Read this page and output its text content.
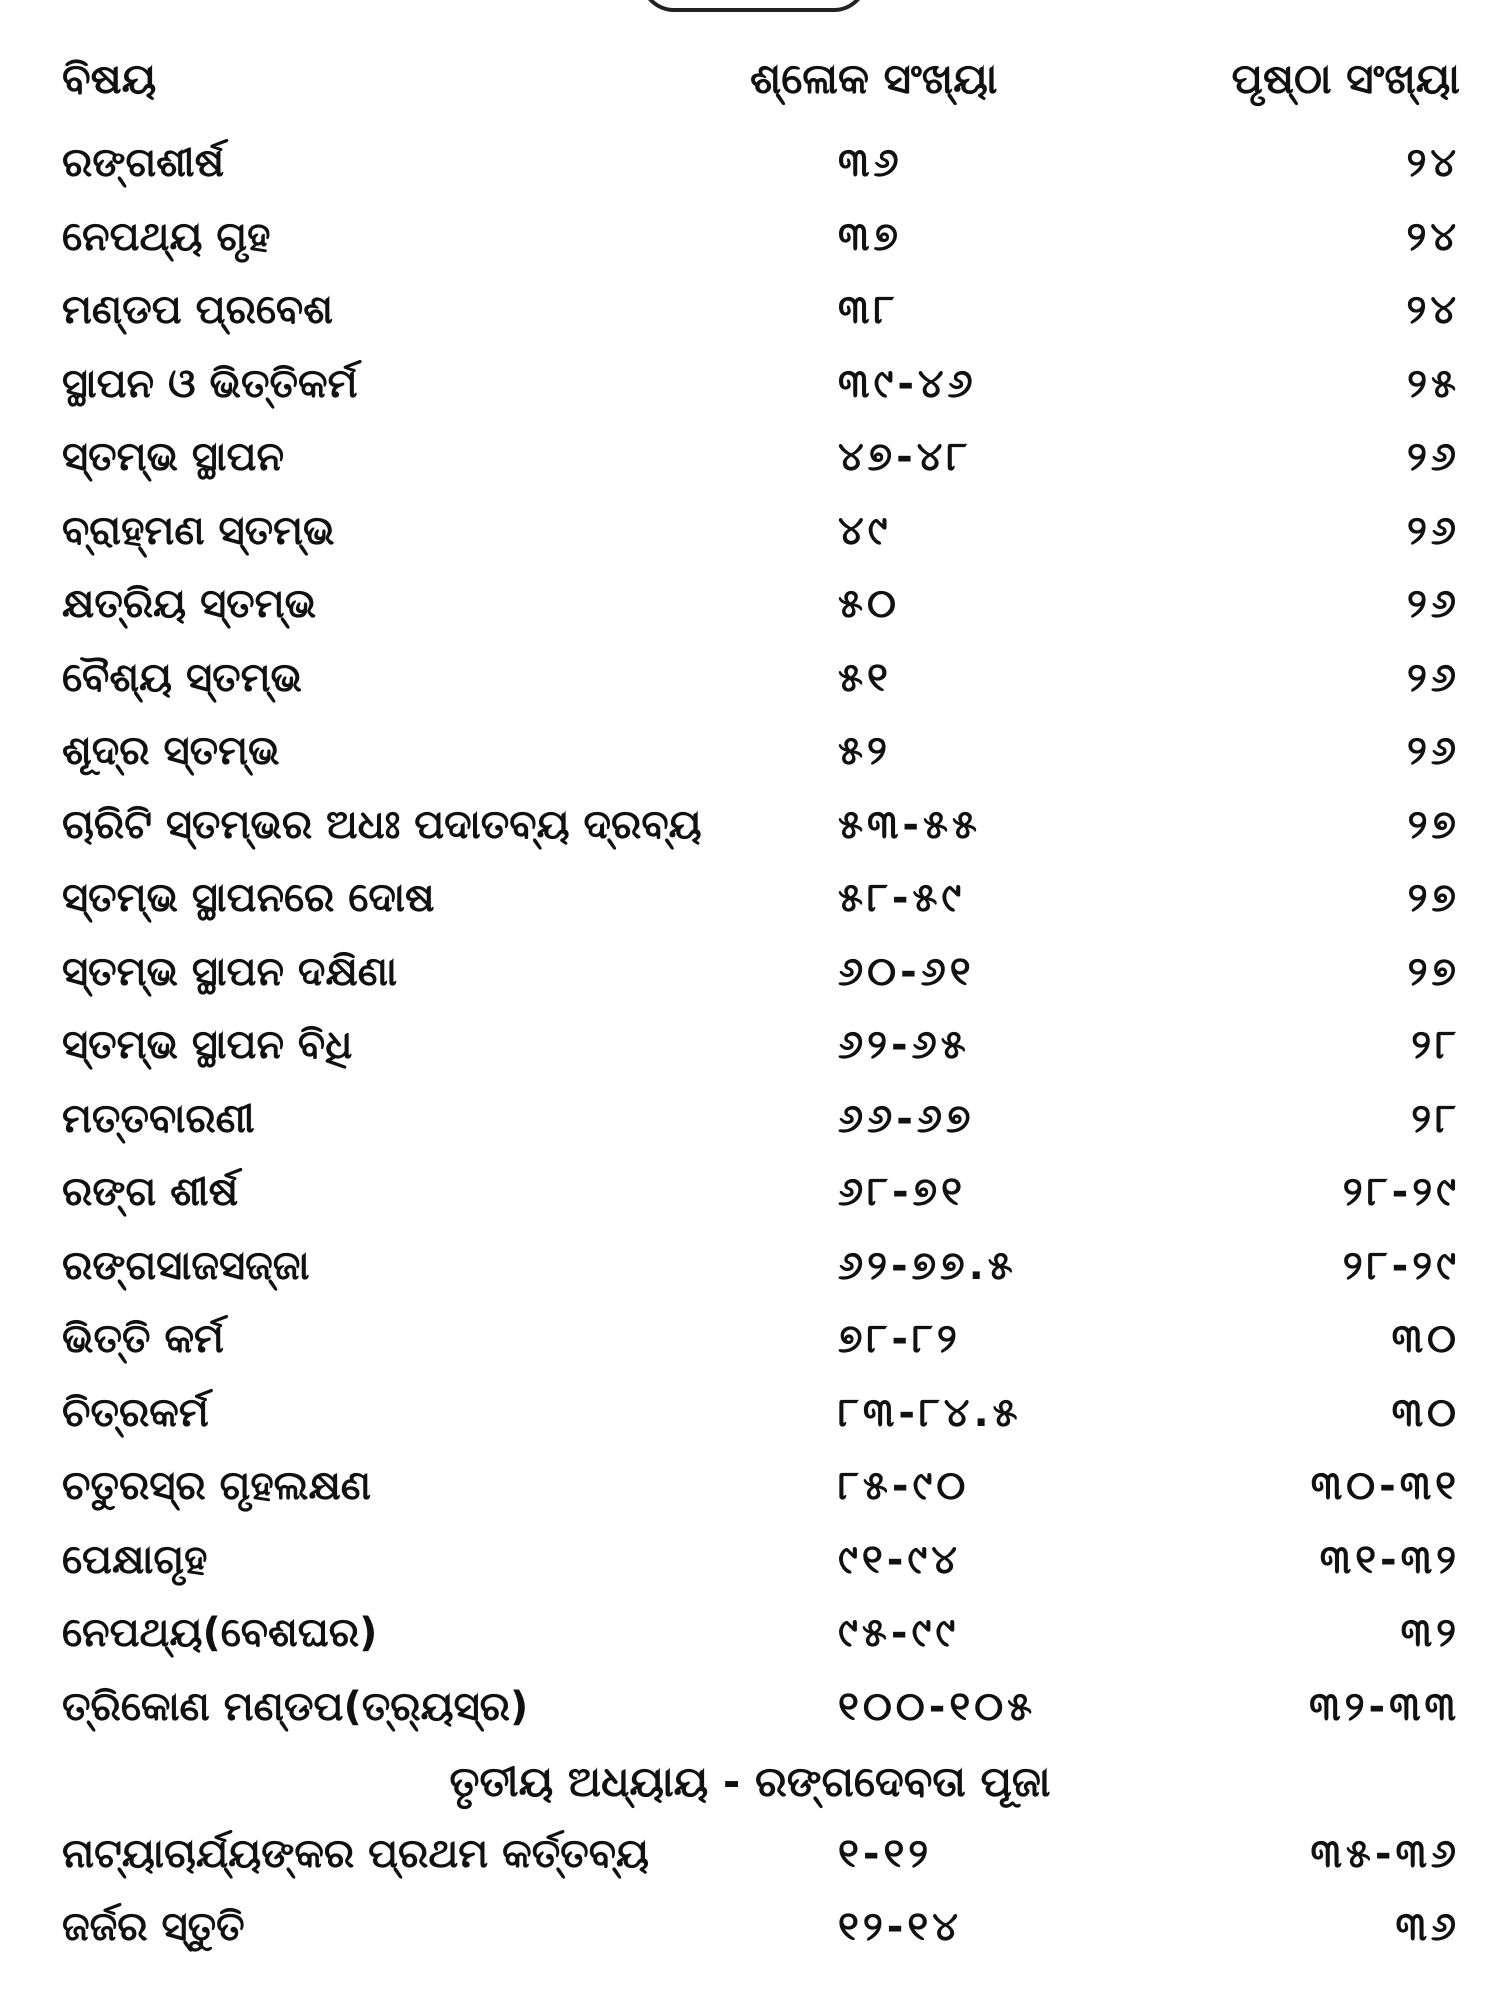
ବିଷୟ	ଶ୍ଳୋକ ସଂଖ୍ୟା	ପୃଷ୍ଠା ସଂଖ୍ୟା
ରଙ୍ଗଶୀର୍ଷ	୩୬	୨୪
ନେପଥ୍ୟ ଗୃହ	୩୭	୨୪
ମଣ୍ଡପ ପ୍ରବେଶ	୩୮	୨୪
ସ୍ଥାପନ ଓ ଭିତ୍ତିକର୍ମ	୩୯-୪୬	୨୫
ସ୍ତମ୍ଭ ସ୍ଥାପନ	୪୭-୪୮	୨୬
ବ୍ରାହ୍ମଣ ସ୍ତମ୍ଭ	୪୯	୨୬
କ୍ଷତ୍ରିୟ ସ୍ତମ୍ଭ	୫୦	୨୬
ବୈଶ୍ୟ ସ୍ତମ୍ଭ	୫୧	୨୬
ଶୂଦ୍ର ସ୍ତମ୍ଭ	୫୨	୨୬
ଚାରିଟି ସ୍ତମ୍ଭର ଅଧଃ ପଦାତବ୍ୟ ଦ୍ରବ୍ୟ	୫୩-୫୫	୨୭
ସ୍ତମ୍ଭ ସ୍ଥାପନରେ ଦୋଷ	୫୮-୫୯	୨୭
ସ୍ତମ୍ଭ ସ୍ଥାପନ ଦକ୍ଷିଣା	୬୦-୬୧	୨୭
ସ୍ତମ୍ଭ ସ୍ଥାପନ ବିଧି	୬୨-୬୫	୨୮
ମତ୍ତବାରଣୀ	୬୬-୬୭	୨୮
ରଙ୍ଗ ଶୀର୍ଷ	୬୮-୭୧	୨୮-୨୯
ରଙ୍ଗସାଜସଜ୍ଜା	୬୨-୭୭.୫	୨୮-୨୯
ଭିତ୍ତି କର୍ମ	୭୮-୮୨	୩୦
ଚିତ୍ରକର୍ମ	୮୩-୮୪.୫	୩୦
ଚତୁରସ୍ର ଗୃହଲକ୍ଷଣ	୮୫-୯୦	୩୦-୩୧
ପେକ୍ଷାଗୃହ	୯୧-୯୪	୩୧-୩୨
ନେପଥ୍ୟ(ବେଶଘର)	୯୫-୯୯	୩୨
ତ୍ରିକୋଣ ମଣ୍ଡପ(ତ୍ର୍ୟସ୍ର)	୧୦୦-୧୦୫	୩୨-୩୩
ତୃତୀୟ ଅଧ୍ୟାୟ - ରଙ୍ଗଦେବତା ପୂଜା
ନାଟ୍ୟାଚାର୍ଯ୍ୟଙ୍କର ପ୍ରଥମ କର୍ତ୍ତବ୍ୟ	୧-୧୨	୩୫-୩୬
ଜର୍ଜର ସ୍ତୁତି	୧୨-୧୪	୩୬
